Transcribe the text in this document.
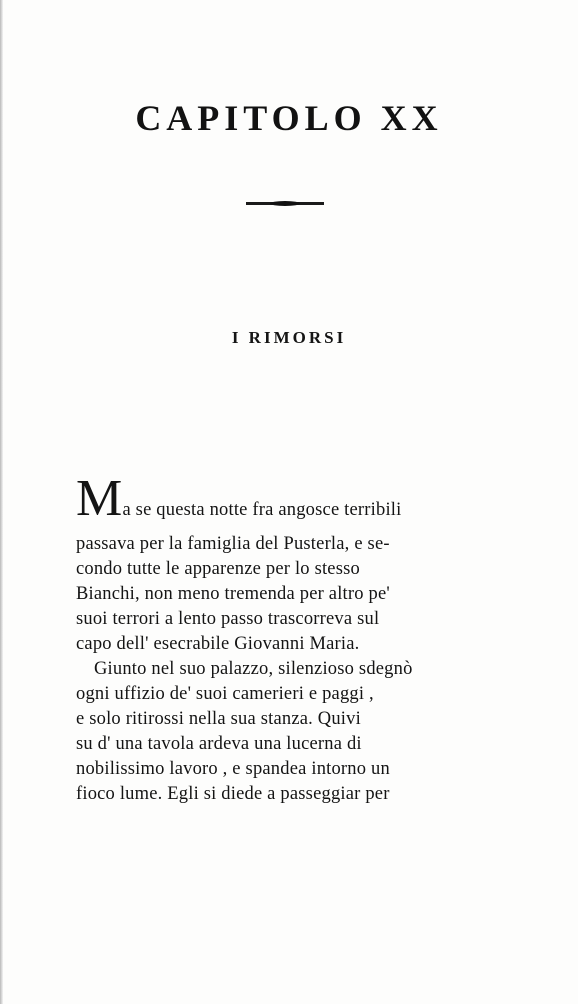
CAPITOLO XX
I RIMORSI
Ma se questa notte fra angosce terribili
passava per la famiglia del Pusterla, e se-
condo tutte le apparenze per lo stesso
Bianchi, non meno tremenda per altro pe'
suoi terrori a lento passo trascorreva sul
capo dell' esecrabile Giovanni Maria.
Giunto nel suo palazzo, silenzioso sdegnò
ogni uffizio de' suoi camerieri e paggi ,
e solo ritirossi nella sua stanza. Quivi
su d' una tavola ardeva una lucerna di
nobilissimo lavoro , e spandea intorno un
fioco lume. Egli si diede a passeggiar per
